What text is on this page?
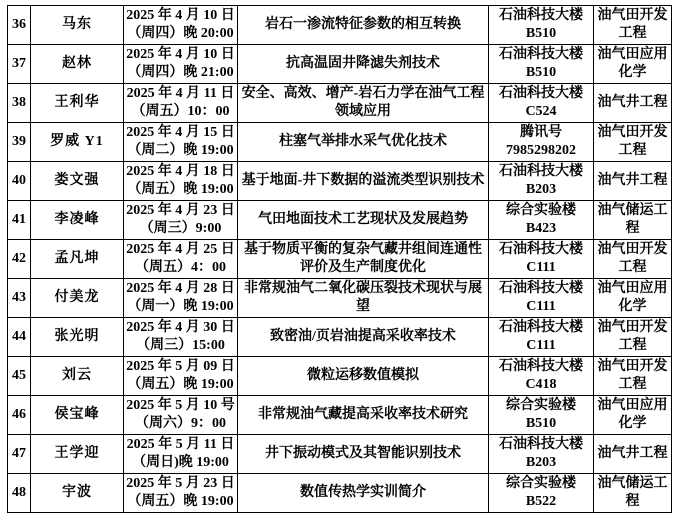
36	马东	
2025 年 4 月 10 日
（周四）晚 20:00
	岩石一渗流特征参数的相互转换	
石油科技大楼
B510
	油气田开发工程
37	赵林	
2025 年 4 月 10 日
（周四）晚 21:00
	抗高温固井降滤失剂技术	
石油科技大楼
B510
	油气田应用化学
38	王利华	
2025 年 4 月 11 日
（周五）10：00
	安全、高效、增产-岩石力学在油气工程领域应用	
石油科技大楼
C524
	油气井工程
39	罗威 Y1	
2025 年 4 月 15 日
（周二）晚 19:00
	柱塞气举排水采气优化技术	
腾讯号
7985298202
	油气田开发工程
40	娄文强	
2025 年 4 月 18 日
（周五）晚 19:00
	基于地面-井下数据的溢流类型识别技术	
石油科技大楼
B203
	油气井工程
41	李凌峰	
2025 年 4 月 23 日
（周三）9:00
	气田地面技术工艺现状及发展趋势	
综合实验楼
B423
	油气储运工程
42	孟凡坤	
2025 年 4 月 25 日
（周五）4：00
	基于物质平衡的复杂气藏井组间连通性评价及生产制度优化	
石油科技大楼
C111
	油气田开发工程
43	付美龙	
2025 年 4 月 28 日
（周一）晚 19:00
	非常规油气二氧化碳压裂技术现状与展望	
石油科技大楼
C111
	油气田应用化学
44	张光明	
2025 年 4 月 30 日
（周三）15:00
	致密油/页岩油提高采收率技术	
石油科技大楼
C111
	油气田开发工程
45	刘云	
2025 年 5 月 09 日
（周五）晚 19:00
	微粒运移数值模拟	
石油科技大楼
C418
	油气田开发工程
46	侯宝峰	
2025 年 5 月 10 号
（周六）9：00
	非常规油气藏提高采收率技术研究	
综合实验楼
B510
	油气田应用化学
47	王学迎	
2025 年 5 月 11 日
（周日)晚 19:00
	井下振动模式及其智能识别技术	
石油科技大楼
B203
	油气井工程
48	宇波	
2025 年 5 月 23 日
（周五）晚 19:00
	数值传热学实训简介	
综合实验楼
B522
	油气储运工程
